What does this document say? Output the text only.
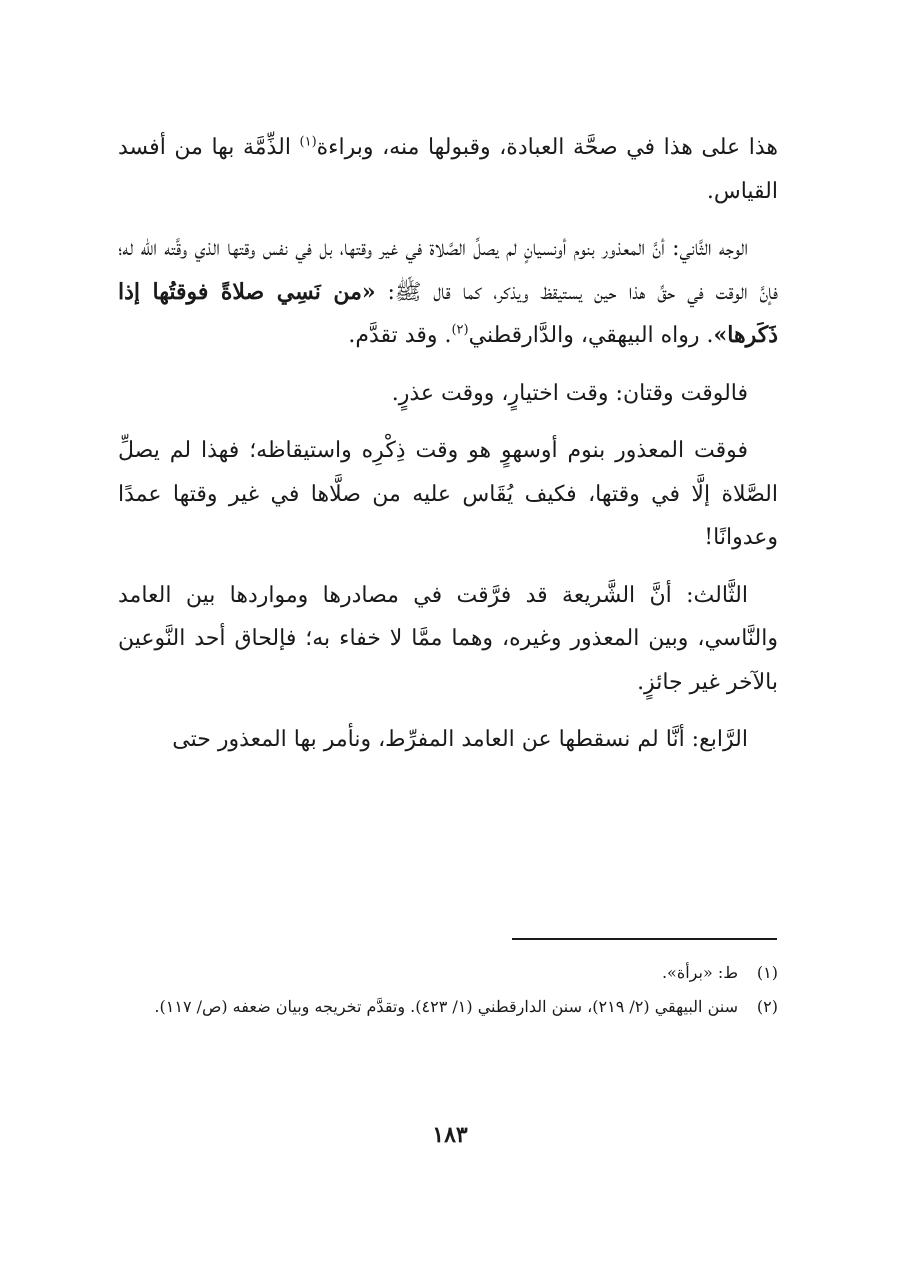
هذا على هذا في صحَّة العبادة، وقبولها منه، وبراءة$^{(١)}$ الذِّمَّة بها من أفسد القياس.

الوجه الثَّاني: أنَّ المعذور بنوم أونسيانٍ لم يصلِّ الصَّلاة في غير وقتها، بل في نفس وقتها الذي وقَّته الله له؛ فإنَّ الوقت في حقِّ هذا حين يستيقظ ويذكر، كما قال ﷺ: «من نَسِي صلاةً فوقتُها إذا ذَكَرها». رواه البيهقي، والدَّارقطني$^{(٢)}$. وقد تقدَّم.

فالوقت وقتان: وقت اختيارٍ، ووقت عذرٍ.

فوقت المعذور بنوم أوسهوٍ هو وقت ذِكْرِه واستيقاظه؛ فهذا لم يصلِّ الصَّلاة إلَّا في وقتها، فكيف يُقَاس عليه من صلَّاها في غير وقتها عمدًا وعدوانًا!

الثَّالث: أنَّ الشَّريعة قد فرَّقت في مصادرها ومواردها بين العامد والنَّاسي، وبين المعذور وغيره، وهما ممَّا لا خفاء به؛ فإلحاق أحد النَّوعين بالآخر غير جائزٍ.

الرَّابع: أنَّا لم نسقطها عن العامد المفرِّط، ونأمر بها المعذور حتى

(١)
ط: «برأة».
(٢)
سنن البيهقي (٢/ ٢١٩)، سنن الدارقطني (١/ ٤٢٣). وتقدَّم تخريجه وبيان ضعفه (ص/ ١١٧).
١٨٣
